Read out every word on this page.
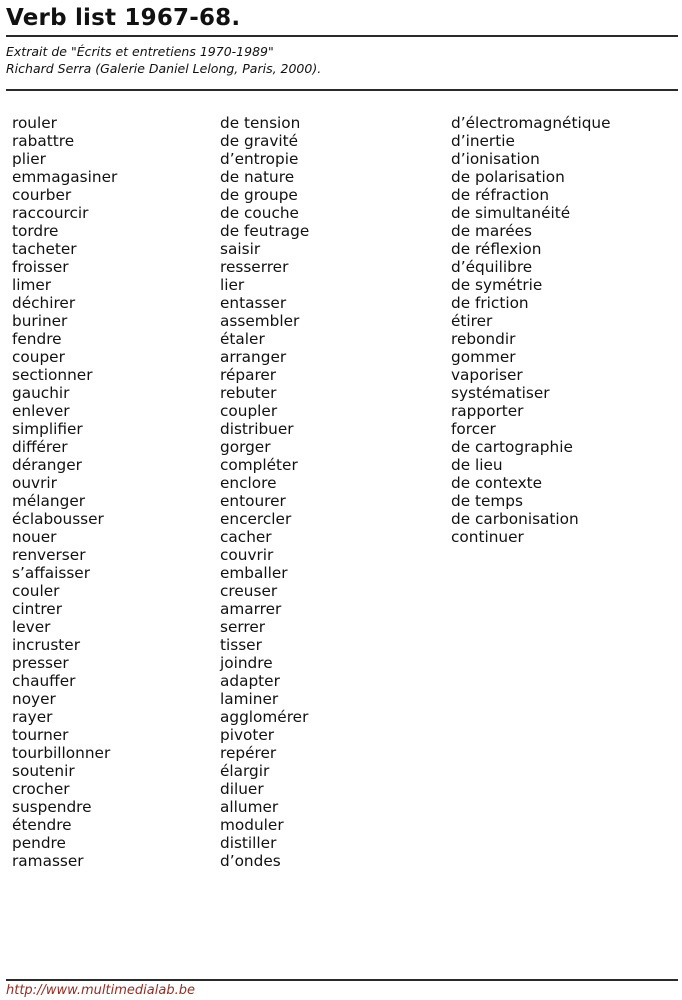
Verb list 1967-68.
Extrait de "Écrits et entretiens 1970-1989"
Richard Serra (Galerie Daniel Lelong, Paris, 2000).
rouler
rabattre
plier
emmagasiner
courber
raccourcir
tordre
tacheter
froisser
limer
déchirer
buriner
fendre
couper
sectionner
gauchir
enlever
simplifier
différer
déranger
ouvrir
mélanger
éclabousser
nouer
renverser
s’affaisser
couler
cintrer
lever
incruster
presser
chauffer
noyer
rayer
tourner
tourbillonner
soutenir
crocher
suspendre
étendre
pendre
ramasser
de tension
de gravité
d’entropie
de nature
de groupe
de couche
de feutrage
saisir
resserrer
lier
entasser
assembler
étaler
arranger
réparer
rebuter
coupler
distribuer
gorger
compléter
enclore
entourer
encercler
cacher
couvrir
emballer
creuser
amarrer
serrer
tisser
joindre
adapter
laminer
agglomérer
pivoter
repérer
élargir
diluer
allumer
moduler
distiller
d’ondes
d’électromagnétique
d’inertie
d’ionisation
de polarisation
de réfraction
de simultanéité
de marées
de réflexion
d’équilibre
de symétrie
de friction
étirer
rebondir
gommer
vaporiser
systématiser
rapporter
forcer
de cartographie
de lieu
de contexte
de temps
de carbonisation
continuer
http://www.multimedialab.be
